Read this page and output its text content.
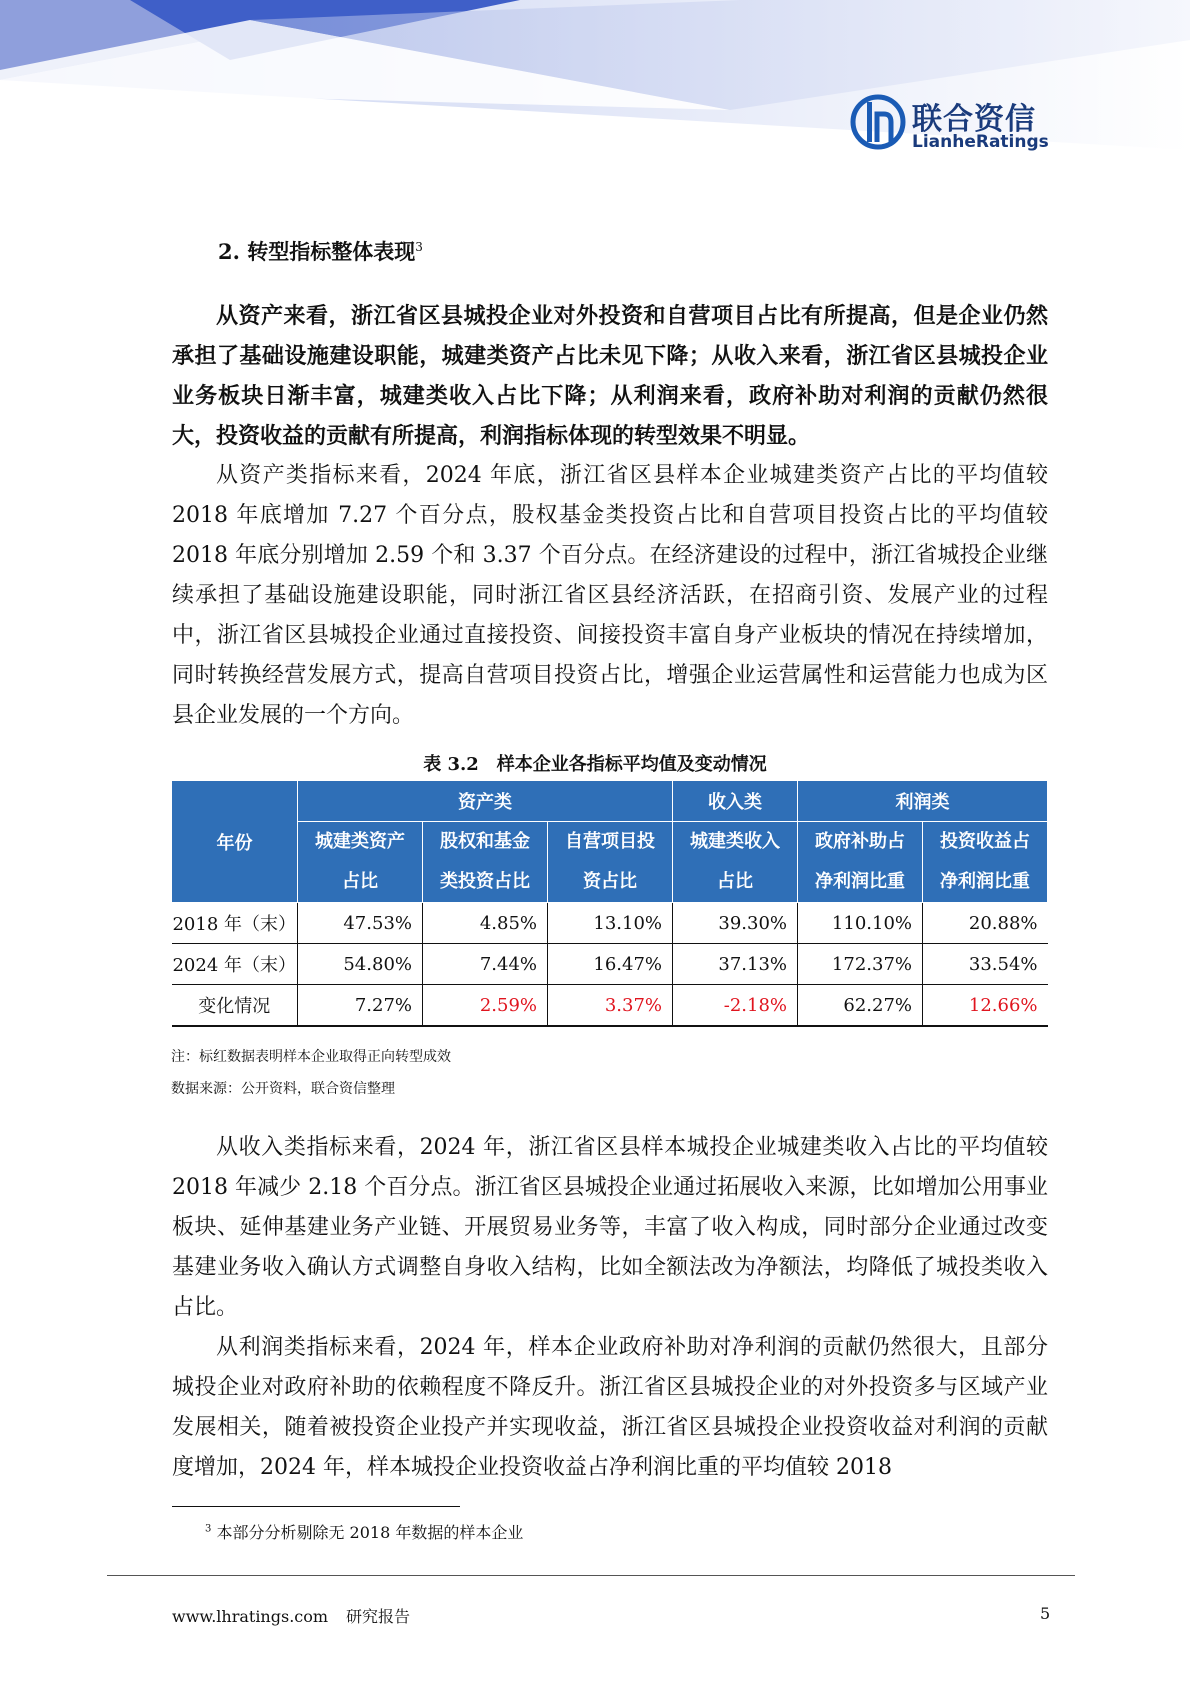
联合资信
LianheRatings
2. 转型指标整体表现$^3$

从资产来看，浙江省区县城投企业对外投资和自营项目占比有所提高，但是企业仍然承担了基础设施建设职能，城建类资产占比未见下降；从收入来看，浙江省区县城投企业业务板块日渐丰富，城建类收入占比下降；从利润来看，政府补助对利润的贡献仍然很大，投资收益的贡献有所提高，利润指标体现的转型效果不明显。

从资产类指标来看，2024 年底，浙江省区县样本企业城建类资产占比的平均值较 2018 年底增加 7.27 个百分点，股权基金类投资占比和自营项目投资占比的平均值较 2018 年底分别增加 2.59 个和 3.37 个百分点。在经济建设的过程中，浙江省城投企业继续承担了基础设施建设职能，同时浙江省区县经济活跃，在招商引资、发展产业的过程中，浙江省区县城投企业通过直接投资、间接投资丰富自身产业板块的情况在持续增加，同时转换经营发展方式，提高自营项目投资占比，增强企业运营属性和运营能力也成为区县企业发展的一个方向。

表 3.2　样本企业各指标平均值及变动情况
年份	资产类			收入类	利润类	
	城建类资产	股权和基金	自营项目投	城建类收入	政府补助占	投资收益占
	占比	类投资占比	资占比	占比	净利润比重	净利润比重
2018 年（末）	47.53%	4.85%	13.10%	39.30%	110.10%	20.88%
2024 年（末）	54.80%	7.44%	16.47%	37.13%	172.37%	33.54%
变化情况	7.27%	2.59%	3.37%	-2.18%	62.27%	12.66%
注：标红数据表明样本企业取得正向转型成效
数据来源：公开资料，联合资信整理

从收入类指标来看，2024 年，浙江省区县样本城投企业城建类收入占比的平均值较 2018 年减少 2.18 个百分点。浙江省区县城投企业通过拓展收入来源，比如增加公用事业板块、延伸基建业务产业链、开展贸易业务等，丰富了收入构成，同时部分企业通过改变基建业务收入确认方式调整自身收入结构，比如全额法改为净额法，均降低了城投类收入占比。

从利润类指标来看，2024 年，样本企业政府补助对净利润的贡献仍然很大，且部分城投企业对政府补助的依赖程度不降反升。浙江省区县城投企业的对外投资多与区域产业发展相关，随着被投资企业投产并实现收益，浙江省区县城投企业投资收益对利润的贡献度增加，2024 年，样本城投企业投资收益占净利润比重的平均值较 2018

$^3$ 本部分分析剔除无 2018 年数据的样本企业
www.lhratings.com 研究报告	5
